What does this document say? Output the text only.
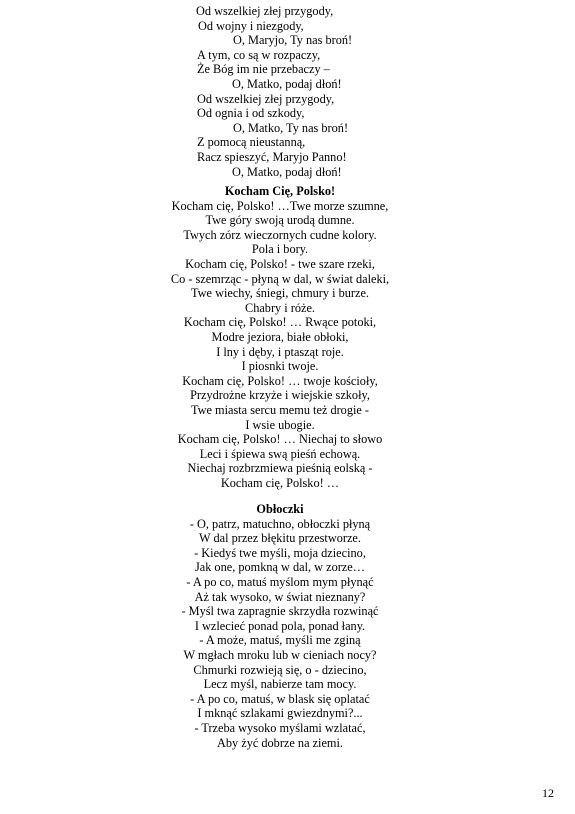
Od wszelkiej złej przygody,
Od wojny i niezgody,
O, Maryjo, Ty nas broń!
A tym, co są w rozpaczy,
Że Bóg im nie przebaczy –
O, Matko, podaj dłoń!
Od wszelkiej złej przygody,
Od ognia i od szkody,
O, Matko, Ty nas broń!
Z pomocą nieustanną,
Racz spieszyć, Maryjo Panno!
O, Matko, podaj dłoń!
Kocham Cię, Polsko!
Kocham cię, Polsko! …Twe morze szumne,
Twe góry swoją urodą dumne.
Twych zórz wieczornych cudne kolory.
Pola i bory.
Kocham cię, Polsko! - twe szare rzeki,
Co - szemrząc - płyną w dal, w świat daleki,
Twe wiechy, śniegi, chmury i burze.
Chabry i róże.
Kocham cię, Polsko! … Rwące potoki,
Modre jeziora, białe obłoki,
I lny i dęby, i ptasząt roje.
I piosnki twoje.
Kocham cię, Polsko! … twoje kościoły,
Przydrożne krzyże i wiejskie szkoły,
Twe miasta sercu memu też drogie -
I wsie ubogie.
Kocham cię, Polsko! … Niechaj to słowo
Leci i śpiewa swą pieśń echową.
Niechaj rozbrzmiewa pieśnią eolską -
Kocham cię, Polsko! …
Obłoczki
- O, patrz, matuchno, obłoczki płyną
W dal przez błękitu przestworze.
- Kiedyś twe myśli, moja dziecino,
Jak one, pomkną w dal, w zorze…
- A po co, matuś myślom mym płynąć
Aż tak wysoko, w świat nieznany?
- Myśl twa zapragnie skrzydła rozwinąć
I wzlecieć ponad pola, ponad łany.
- A może, matuś, myśli me zginą
W mgłach mroku lub w cieniach nocy?
Chmurki rozwieją się, o - dziecino,
Lecz myśl, nabierze tam mocy.
- A po co, matuś, w blask się oplatać
I mknąć szlakami gwiezdnymi?...
- Trzeba wysoko myślami wzlatać,
Aby żyć dobrze na ziemi.
12
